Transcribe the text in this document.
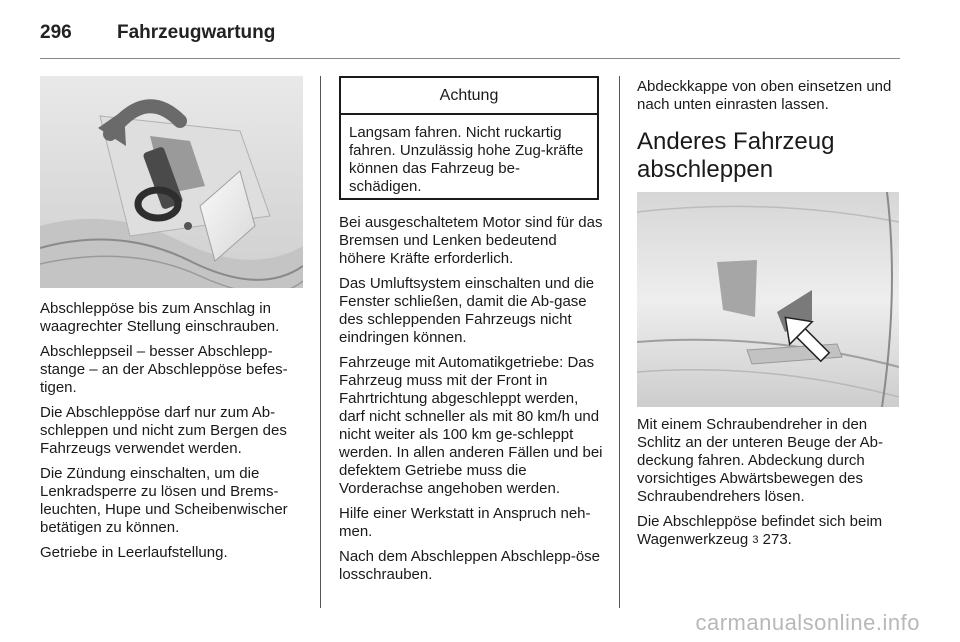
296 Fahrzeugwartung

Abschleppöse bis zum Anschlag in waagrechter Stellung einschrauben.

Abschleppseil – besser Abschlepp-stange – an der Abschleppöse befes-tigen.

Die Abschleppöse darf nur zum Ab-schleppen und nicht zum Bergen des Fahrzeugs verwendet werden.

Die Zündung einschalten, um die Lenkradsperre zu lösen und Brems-leuchten, Hupe und Scheibenwischer betätigen zu können.

Getriebe in Leerlaufstellung.

Achtung
Langsam fahren. Nicht ruckartig fahren. Unzulässig hohe Zug-kräfte können das Fahrzeug be-schädigen.

Bei ausgeschaltetem Motor sind für das Bremsen und Lenken bedeutend höhere Kräfte erforderlich.

Das Umluftsystem einschalten und die Fenster schließen, damit die Ab-gase des schleppenden Fahrzeugs nicht eindringen können.

Fahrzeuge mit Automatikgetriebe: Das Fahrzeug muss mit der Front in Fahrtrichtung abgeschleppt werden, darf nicht schneller als mit 80 km/h und nicht weiter als 100 km ge-schleppt werden. In allen anderen Fällen und bei defektem Getriebe muss die Vorderachse angehoben werden.

Hilfe einer Werkstatt in Anspruch neh-men.

Nach dem Abschleppen Abschlepp-öse losschrauben.

Abdeckkappe von oben einsetzen und nach unten einrasten lassen.

Anderes Fahrzeug abschleppen

Mit einem Schraubendreher in den Schlitz an der unteren Beuge der Ab-deckung fahren. Abdeckung durch vorsichtiges Abwärtsbewegen des Schraubendrehers lösen.

Die Abschleppöse befindet sich beim Wagenwerkzeug 3 273.

carmanualsonline.info
